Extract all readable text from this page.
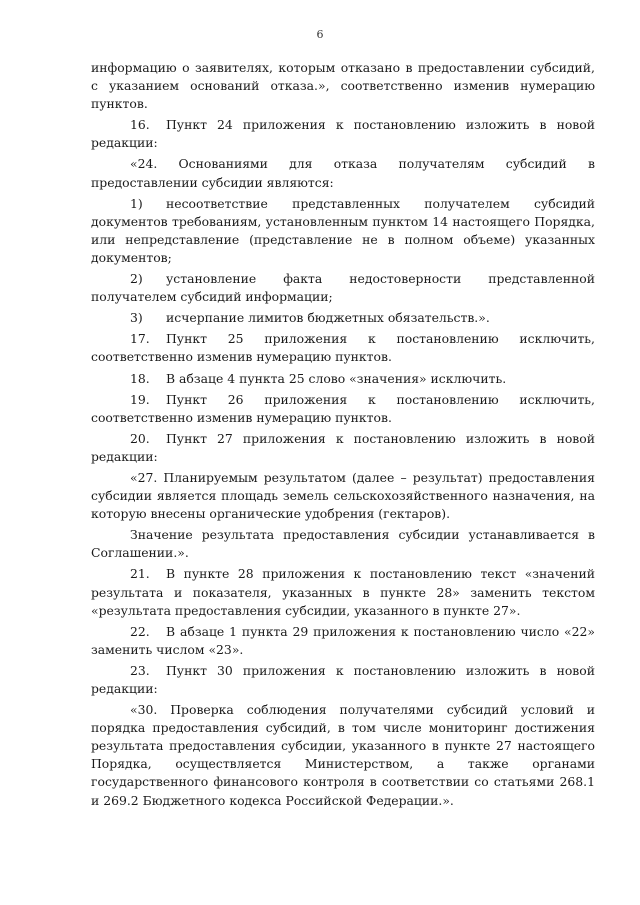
6

информацию о заявителях, которым отказано в предоставлении субсидий, с указанием оснований отказа.», соответственно изменив нумерацию пунктов.

16. Пункт 24 приложения к постановлению изложить в новой редакции:

«24. Основаниями для отказа получателям субсидий в предоставлении субсидии являются:

1) несоответствие представленных получателем субсидий документов требованиям, установленным пунктом 14 настоящего Порядка, или непредставление (представление не в полном объеме) указанных документов;

2) установление факта недостоверности представленной получателем субсидий информации;

3) исчерпание лимитов бюджетных обязательств.».

17. Пункт 25 приложения к постановлению исключить, соответственно изменив нумерацию пунктов.

18. В абзаце 4 пункта 25 слово «значения» исключить.

19. Пункт 26 приложения к постановлению исключить, соответственно изменив нумерацию пунктов.

20. Пункт 27 приложения к постановлению изложить в новой редакции:

«27. Планируемым результатом (далее – результат) предоставления субсидии является площадь земель сельскохозяйственного назначения, на которую внесены органические удобрения (гектаров).

Значение результата предоставления субсидии устанавливается в Соглашении.».

21. В пункте 28 приложения к постановлению текст «значений результата и показателя, указанных в пункте 28» заменить текстом «результата предоставления субсидии, указанного в пункте 27».

22. В абзаце 1 пункта 29 приложения к постановлению число «22» заменить числом «23».

23. Пункт 30 приложения к постановлению изложить в новой редакции:

«30. Проверка соблюдения получателями субсидий условий и порядка предоставления субсидий, в том числе мониторинг достижения результата предоставления субсидии, указанного в пункте 27 настоящего Порядка, осуществляется Министерством, а также органами государственного финансового контроля в соответствии со статьями 268.1 и 269.2 Бюджетного кодекса Российской Федерации.».
